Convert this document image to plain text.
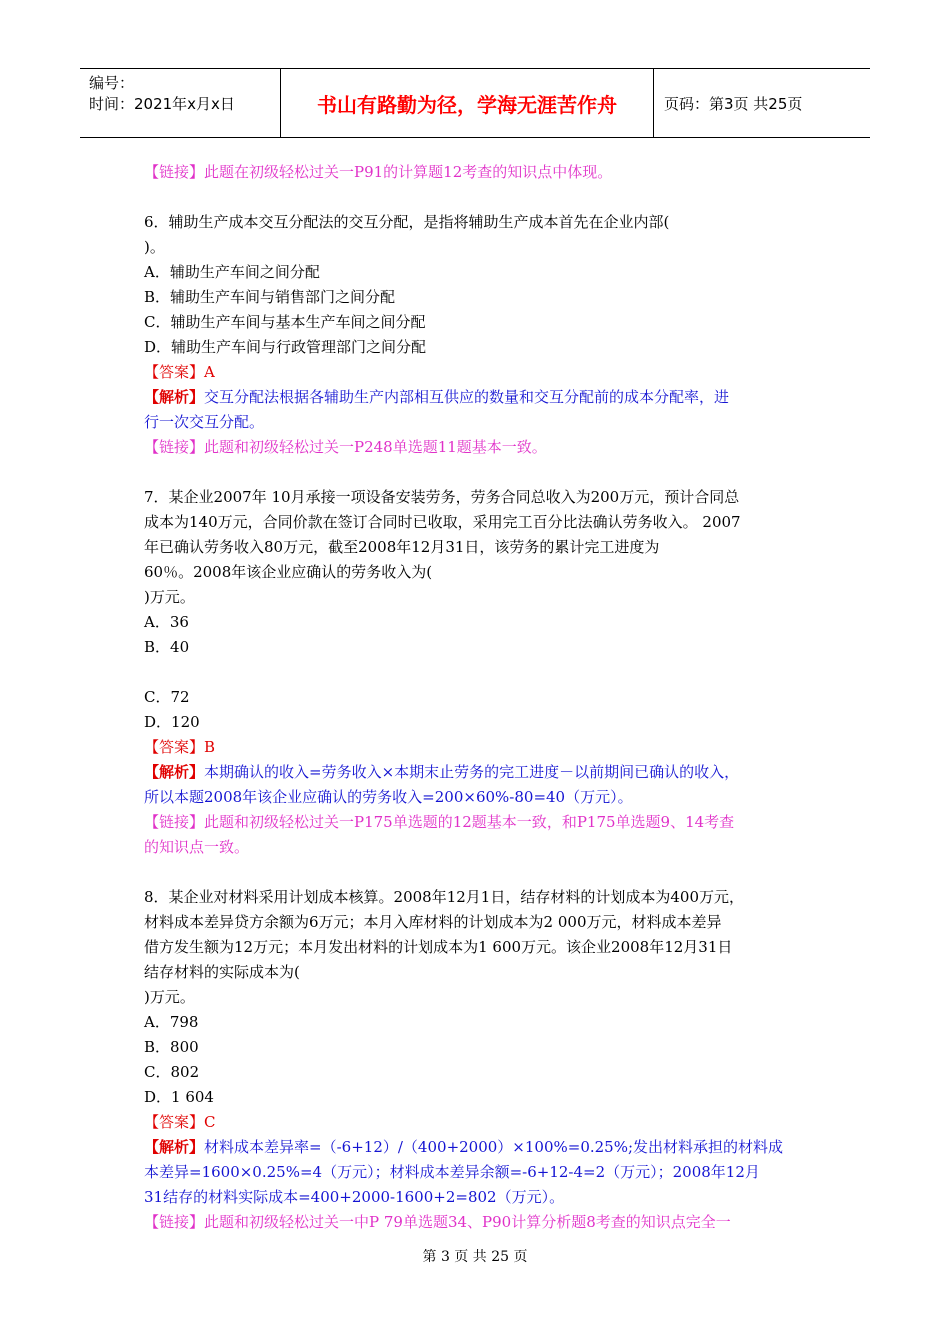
编号：
时间：2021年x月x日	书山有路勤为径，学海无涯苦作舟	页码：第3页 共25页
【链接】此题在初级轻松过关一P91的计算题12考查的知识点中体现。
6．辅助生产成本交互分配法的交互分配，是指将辅助生产成本首先在企业内部(
)。
A．辅助生产车间之间分配
B．辅助生产车间与销售部门之间分配
C．辅助生产车间与基本生产车间之间分配
D．辅助生产车间与行政管理部门之间分配
【答案】A
【解析】交互分配法根据各辅助生产内部相互供应的数量和交互分配前的成本分配率，进
行一次交互分配。
【链接】此题和初级轻松过关一P248单选题11题基本一致。
7．某企业2007年 10月承接一项设备安装劳务，劳务合同总收入为200万元，预计合同总
成本为140万元，合同价款在签订合同时已收取，采用完工百分比法确认劳务收入。 2007
年已确认劳务收入80万元，截至2008年12月31日，该劳务的累计完工进度为
60％。2008年该企业应确认的劳务收入为(
)万元。
A．36
B．40
C．72
D．120
【答案】B
【解析】本期确认的收入=劳务收入×本期末止劳务的完工进度－以前期间已确认的收入，
所以本题2008年该企业应确认的劳务收入=200×60%-80=40（万元）。
【链接】此题和初级轻松过关一P175单选题的12题基本一致，和P175单选题9、14考查
的知识点一致。
8．某企业对材料采用计划成本核算。2008年12月1日，结存材料的计划成本为400万元，
材料成本差异贷方余额为6万元；本月入库材料的计划成本为2 000万元，材料成本差异
借方发生额为12万元；本月发出材料的计划成本为1 600万元。该企业2008年12月31日
结存材料的实际成本为(
)万元。
A．798
B．800
C．802
D．1 604
【答案】C
【解析】材料成本差异率=（-6+12）/（400+2000）×100%=0.25%;发出材料承担的材料成
本差异=1600×0.25%=4（万元）；材料成本差异余额=-6+12-4=2（万元）；2008年12月
31结存的材料实际成本=400+2000-1600+2=802（万元）。
【链接】此题和初级轻松过关一中P 79单选题34、P90计算分析题8考查的知识点完全一
第 3 页 共 25 页
